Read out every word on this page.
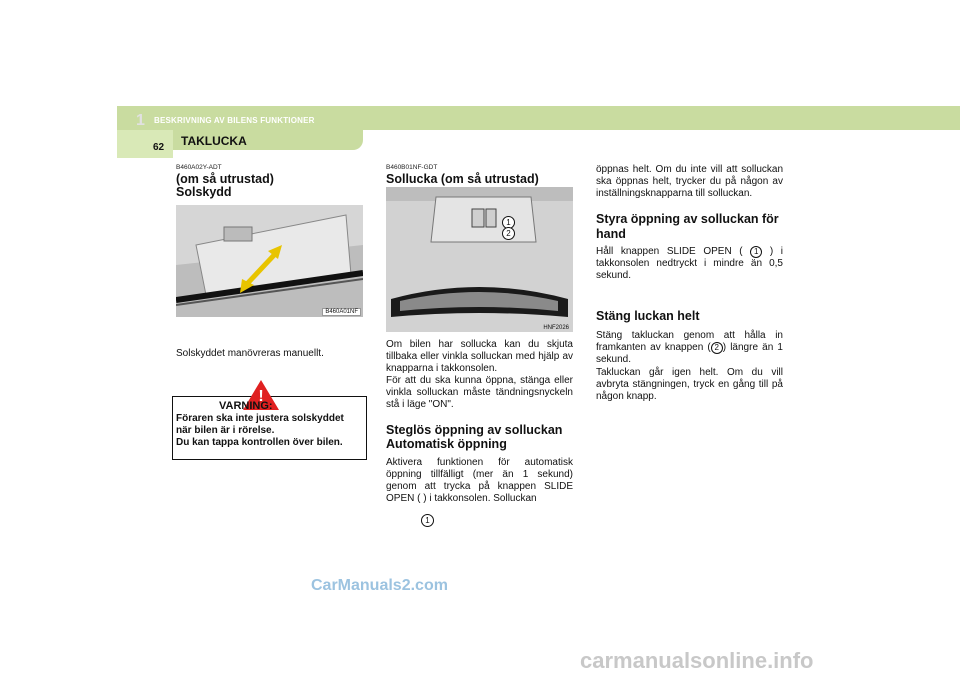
1 BESKRIVNING AV BILENS FUNKTIONER
62 TAKLUCKA
B460A02Y-ADT
(om så utrustad)
Solskydd
B460A01NF
Solskyddet manövreras manuellt.
!
VARNING:
Föraren ska inte justera solskyddet
när bilen är i rörelse.
Du kan tappa kontrollen över bilen.
B460B01NF-GDT
Sollucka (om så utrustad)
1
2
HNF2026
Om bilen har sollucka kan du skjuta tillbaka eller vinkla solluckan med hjälp av knapparna i takkonsolen.
För att du ska kunna öppna, stänga eller vinkla solluckan måste tändningsnyckeln stå i läge "ON".
Steglös öppning av solluckan
Automatisk öppning
Aktivera funktionen för automatisk öppning tillfälligt (mer än 1 sekund) genom att trycka på knappen SLIDE OPEN ( ) i takkonsolen. Solluckan
1
öppnas helt. Om du inte vill att solluckan ska öppnas helt, trycker du på någon av inställningsknapparna till solluckan.
Styra öppning av solluckan för hand
Håll knappen SLIDE OPEN ( 1 ) i takkonsolen nedtryckt i mindre än 0,5 sekund.
Stäng luckan helt
Stäng takluckan genom att hålla in framkanten av knappen ( 2 ) längre än 1 sekund.
Takluckan går igen helt. Om du vill avbryta stängningen, tryck en gång till på någon knapp.
CarManuals2.com
carmanualsonline.info
